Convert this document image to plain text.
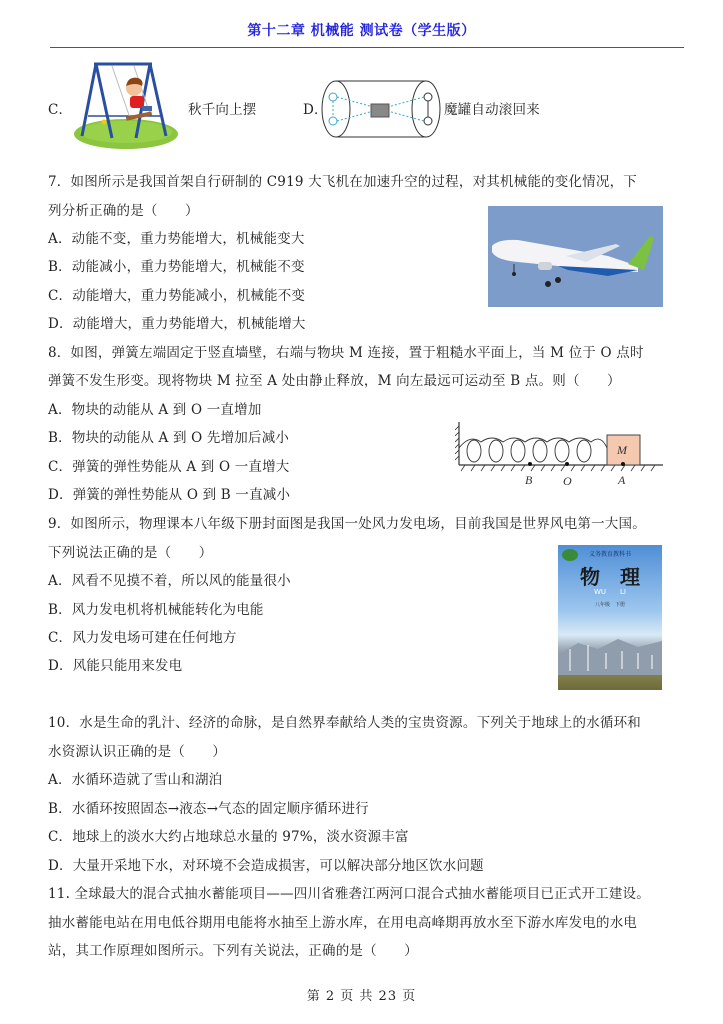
第十二章 机械能 测试卷（学生版）
C．	秋千向上摆	D．	魔罐自动滚回来
7．如图所示是我国首架自行研制的 C919 大飞机在加速升空的过程，对其机械能的变化情况，下
列分析正确的是（　　）
A．动能不变，重力势能增大，机械能变大
B．动能减小，重力势能增大，机械能不变
C．动能增大，重力势能减小，机械能不变
D．动能增大，重力势能增大，机械能增大
8．如图，弹簧左端固定于竖直墙壁，右端与物块 M 连接，置于粗糙水平面上，当 M 位于 O 点时
弹簧不发生形变。现将物块 M 拉至 A 处由静止释放，M 向左最远可运动至 B 点。则（　　）
A．物块的动能从 A 到 O 一直增加
B．物块的动能从 A 到 O 先增加后减小
C．弹簧的弹性势能从 A 到 O 一直增大
D．弹簧的弹性势能从 O 到 B 一直减小
M
B	O	A
9．如图所示，物理课本八年级下册封面图是我国一处风力发电场，目前我国是世界风电第一大国。
下列说法正确的是（　　）
A．风看不见摸不着，所以风的能量很小
B．风力发电机将机械能转化为电能
C．风力发电场可建在任何地方
D．风能只能用来发电
义务教育教科书
物　理
WU　　LI
八年级　下册
10．水是生命的乳汁、经济的命脉，是自然界奉献给人类的宝贵资源。下列关于地球上的水循环和
水资源认识正确的是（　　）
A．水循环造就了雪山和湖泊
B．水循环按照固态→液态→气态的固定顺序循环进行
C．地球上的淡水大约占地球总水量的 97%，淡水资源丰富
D．大量开采地下水，对环境不会造成损害，可以解决部分地区饮水问题
11. 全球最大的混合式抽水蓄能项目——四川省雅砻江两河口混合式抽水蓄能项目已正式开工建设。
抽水蓄能电站在用电低谷期用电能将水抽至上游水库，在用电高峰期再放水至下游水库发电的水电
站，其工作原理如图所示。下列有关说法，正确的是（　　）
第 2 页 共 23 页
